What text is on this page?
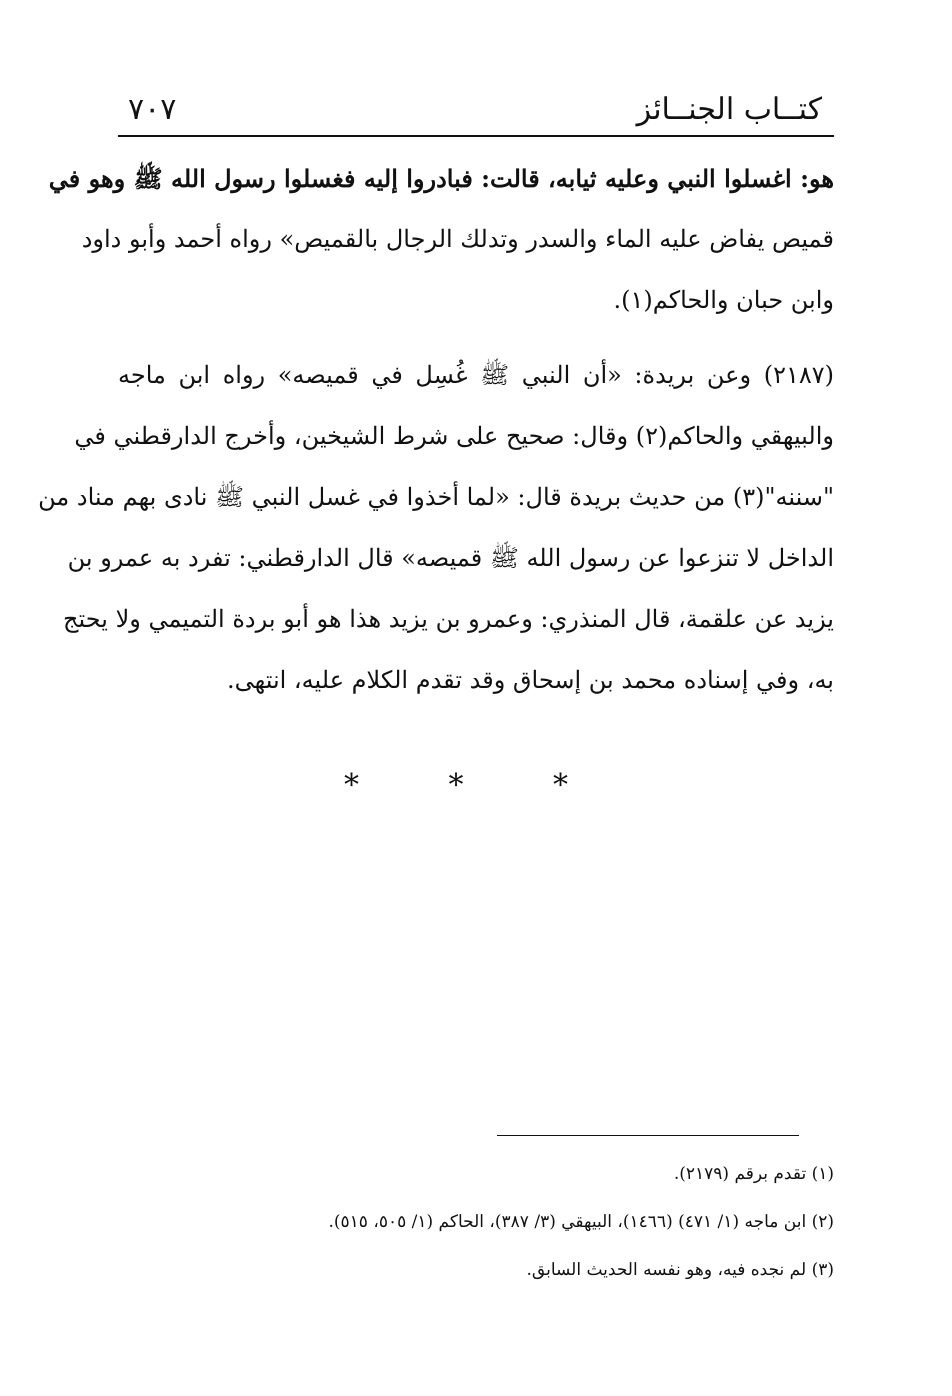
كتــاب الجنــائز
٧٠٧
هو: اغسلوا النبي وعليه ثيابه، قالت: فبادروا إليه فغسلوا رسول الله ﷺ وهو في
قميص يفاض عليه الماء والسدر وتدلك الرجال بالقميص» رواه أحمد وأبو داود
وابن حبان والحاكم(١).
(٢١٨٧) وعن بريدة: «أن النبي ﷺ غُسِل في قميصه» رواه ابن ماجه
والبيهقي والحاكم(٢) وقال: صحيح على شرط الشيخين، وأخرج الدارقطني في
"سننه"(٣) من حديث بريدة قال: «لما أخذوا في غسل النبي ﷺ نادى بهم مناد من
الداخل لا تنزعوا عن رسول الله ﷺ قميصه» قال الدارقطني: تفرد به عمرو بن
يزيد عن علقمة، قال المنذري: وعمرو بن يزيد هذا هو أبو بردة التميمي ولا يحتج
به، وفي إسناده محمد بن إسحاق وقد تقدم الكلام عليه، انتهى.
* * *
(١) تقدم برقم (٢١٧٩).
(٢) ابن ماجه (١/ ٤٧١) (١٤٦٦)، البيهقي (٣/ ٣٨٧)، الحاكم (١/ ٥٠٥، ٥١٥).
(٣) لم نجده فيه، وهو نفسه الحديث السابق.
